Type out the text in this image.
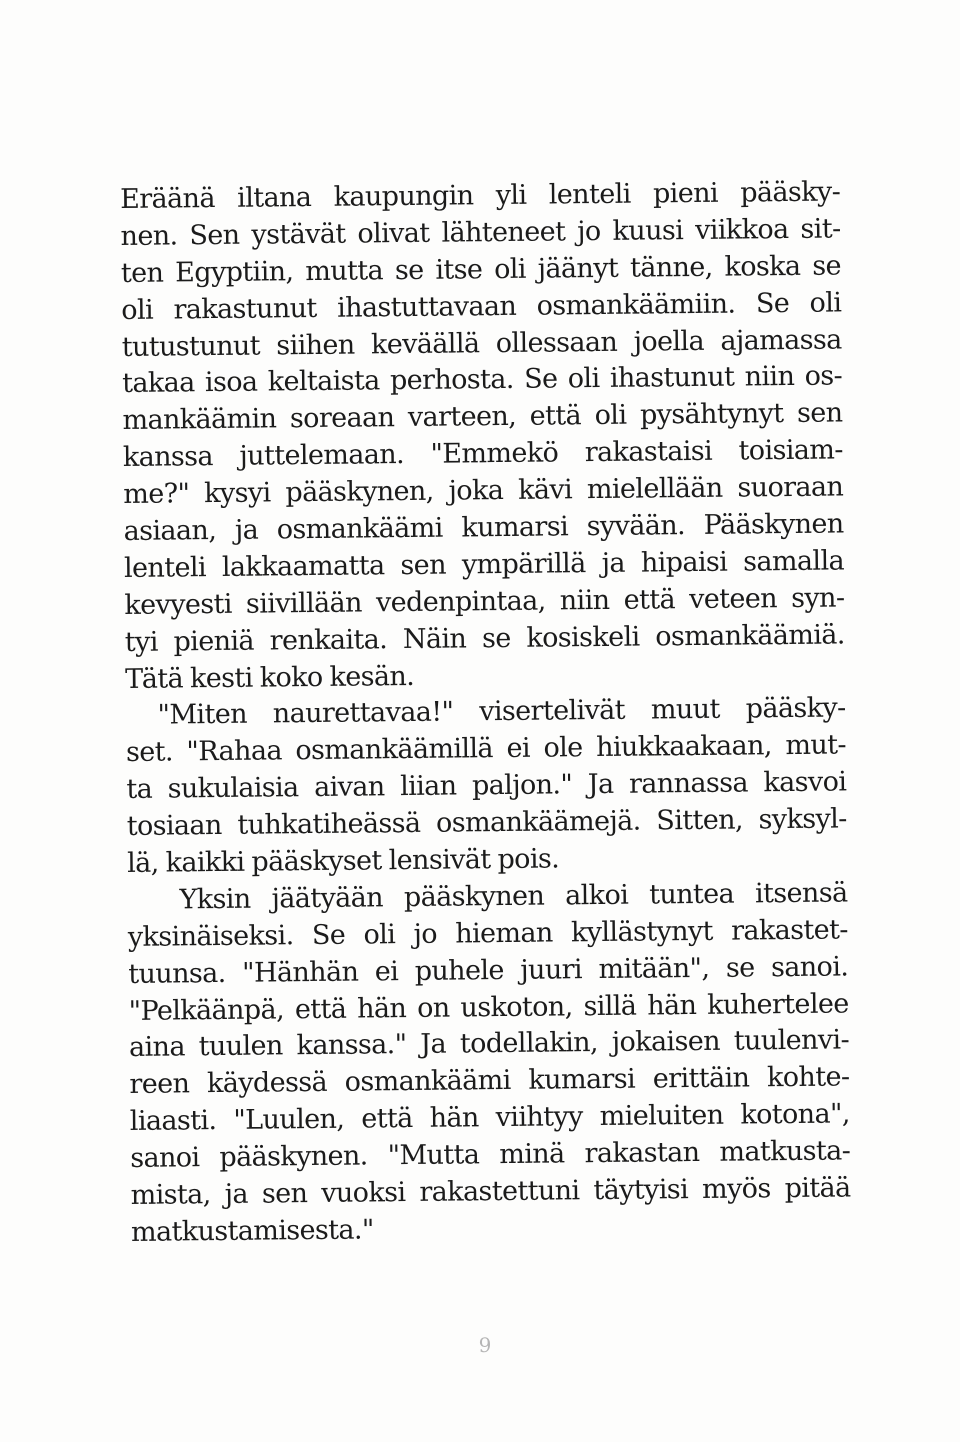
Eräänä iltana kaupungin yli lenteli pieni pääsky-
nen. Sen ystävät olivat lähteneet jo kuusi viikkoa sit-
ten Egyptiin, mutta se itse oli jäänyt tänne, koska se
oli rakastunut ihastuttavaan osmankäämiin. Se oli
tutustunut siihen keväällä ollessaan joella ajamassa
takaa isoa keltaista perhosta. Se oli ihastunut niin os-
mankäämin soreaan varteen, että oli pysähtynyt sen
kanssa juttelemaan. "Emmekö rakastaisi toisiam-
me?" kysyi pääskynen, joka kävi mielellään suoraan
asiaan, ja osmankäämi kumarsi syvään. Pääskynen
lenteli lakkaamatta sen ympärillä ja hipaisi samalla
kevyesti siivillään vedenpintaa, niin että veteen syn-
tyi pieniä renkaita. Näin se kosiskeli osmankäämiä.
Tätä kesti koko kesän.
"Miten naurettavaa!" visertelivät muut pääsky-
set. "Rahaa osmankäämillä ei ole hiukkaakaan, mut-
ta sukulaisia aivan liian paljon." Ja rannassa kasvoi
tosiaan tuhkatiheässä osmankäämejä. Sitten, syksyl-
lä, kaikki pääskyset lensivät pois.
Yksin jäätyään pääskynen alkoi tuntea itsensä
yksinäiseksi. Se oli jo hieman kyllästynyt rakastet-
tuunsa. "Hänhän ei puhele juuri mitään", se sanoi.
"Pelkäänpä, että hän on uskoton, sillä hän kuhertelee
aina tuulen kanssa." Ja todellakin, jokaisen tuulenvi-
reen käydessä osmankäämi kumarsi erittäin kohte-
liaasti. "Luulen, että hän viihtyy mieluiten kotona",
sanoi pääskynen. "Mutta minä rakastan matkusta-
mista, ja sen vuoksi rakastettuni täytyisi myös pitää
matkustamisesta."
9
